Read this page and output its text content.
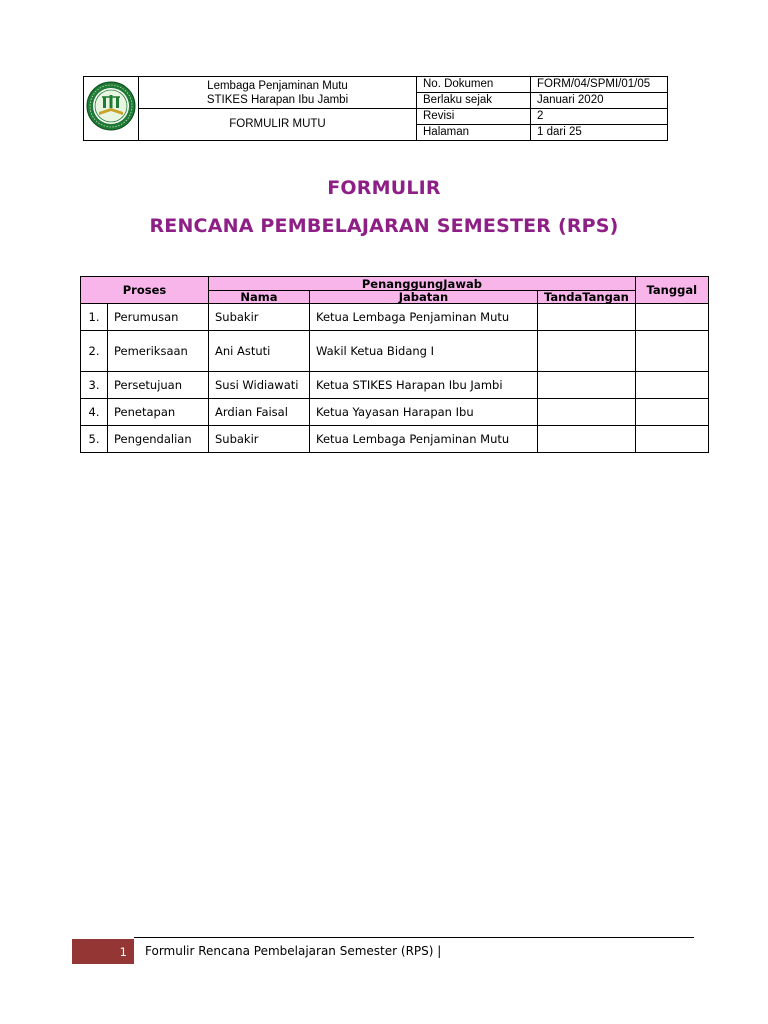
Lembaga Penjaminan Mutu
STIKES Harapan Ibu Jambi	No. Dokumen	FORM/04/SPMI/01/05
		Berlaku sejak	Januari 2020
	FORMULIR MUTU	Revisi	2
		Halaman	1 dari 25
FORMULIR
RENCANA PEMBELAJARAN SEMESTER (RPS)
Proses		PenanggungJawab			Tanggal
		Nama	Jabatan	TandaTangan	
1.	Perumusan	Subakir	Ketua Lembaga Penjaminan Mutu		
2.	Pemeriksaan	Ani Astuti	Wakil Ketua Bidang I		
3.	Persetujuan	Susi Widiawati	Ketua STIKES Harapan Ibu Jambi		
4.	Penetapan	Ardian Faisal	Ketua Yayasan Harapan Ibu		
5.	Pengendalian	Subakir	Ketua Lembaga Penjaminan Mutu		
1	Formulir Rencana Pembelajaran Semester (RPS) |
